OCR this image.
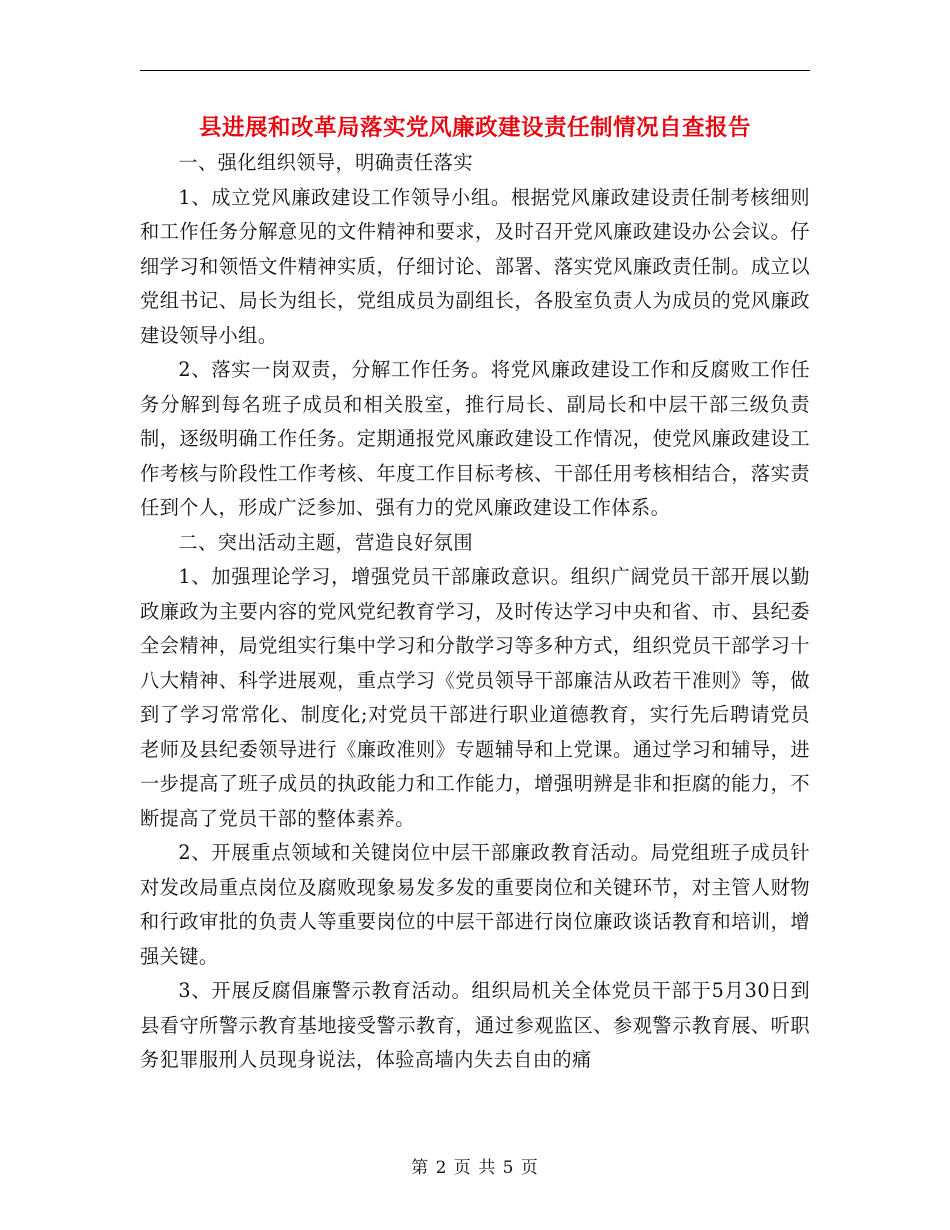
县进展和改革局落实党风廉政建设责任制情况自查报告

一、强化组织领导，明确责任落实

1、成立党风廉政建设工作领导小组。根据党风廉政建设责任制考核细则和工作任务分解意见的文件精神和要求，及时召开党风廉政建设办公会议。仔细学习和领悟文件精神实质，仔细讨论、部署、落实党风廉政责任制。成立以党组书记、局长为组长，党组成员为副组长，各股室负责人为成员的党风廉政建设领导小组。

2、落实一岗双责，分解工作任务。将党风廉政建设工作和反腐败工作任务分解到每名班子成员和相关股室，推行局长、副局长和中层干部三级负责制，逐级明确工作任务。定期通报党风廉政建设工作情况，使党风廉政建设工作考核与阶段性工作考核、年度工作目标考核、干部任用考核相结合，落实责任到个人，形成广泛参加、强有力的党风廉政建设工作体系。

二、突出活动主题，营造良好氛围

1、加强理论学习，增强党员干部廉政意识。组织广阔党员干部开展以勤政廉政为主要内容的党风党纪教育学习，及时传达学习中央和省、市、县纪委全会精神，局党组实行集中学习和分散学习等多种方式，组织党员干部学习十八大精神、科学进展观，重点学习《党员领导干部廉洁从政若干准则》等，做到了学习常常化、制度化;对党员干部进行职业道德教育，实行先后聘请党员老师及县纪委领导进行《廉政准则》专题辅导和上党课。通过学习和辅导，进一步提高了班子成员的执政能力和工作能力，增强明辨是非和拒腐的能力，不断提高了党员干部的整体素养。

2、开展重点领域和关键岗位中层干部廉政教育活动。局党组班子成员针对发改局重点岗位及腐败现象易发多发的重要岗位和关键环节，对主管人财物和行政审批的负责人等重要岗位的中层干部进行岗位廉政谈话教育和培训，增强关键。

3、开展反腐倡廉警示教育活动。组织局机关全体党员干部于5月30日到县看守所警示教育基地接受警示教育，通过参观监区、参观警示教育展、听职务犯罪服刑人员现身说法，体验高墙内失去自由的痛

第 2 页 共 5 页
